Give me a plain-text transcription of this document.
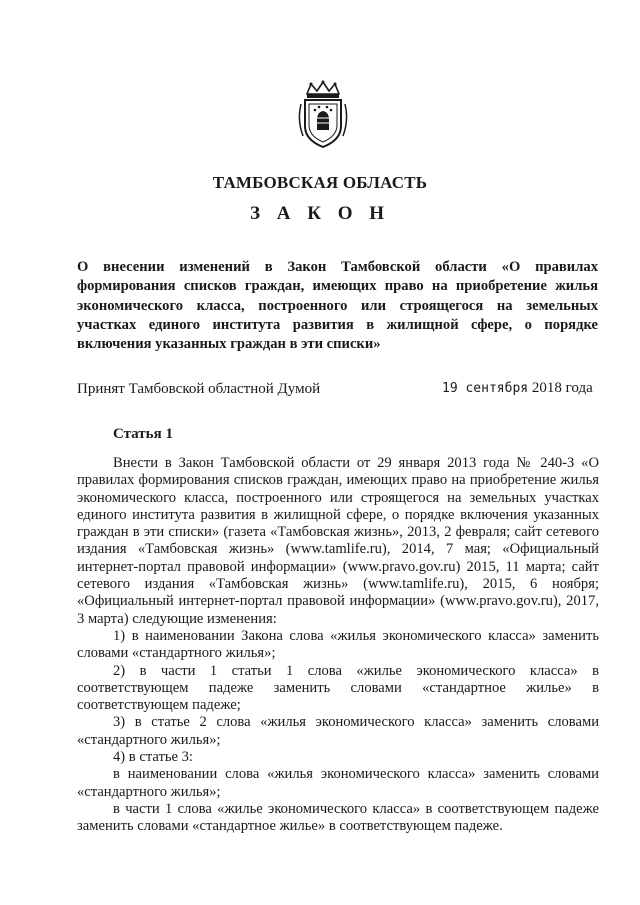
ТАМБОВСКАЯ ОБЛАСТЬ
З А К О Н
О внесении изменений в Закон Тамбовской области «О правилах формирования списков граждан, имеющих право на приобретение жилья экономического класса, построенного или строящегося на земельных участках единого института развития в жилищной сфере, о порядке включения указанных граждан в эти списки»
Принят Тамбовской областной Думой	19 сентября 2018 года
Статья 1

Внести в Закон Тамбовской области от 29 января 2013 года № 240-З «О правилах формирования списков граждан, имеющих право на приобретение жилья экономического класса, построенного или строящегося на земельных участках единого института развития в жилищной сфере, о порядке включения указанных граждан в эти списки» (газета «Тамбовская жизнь», 2013, 2 февраля; сайт сетевого издания «Тамбовская жизнь» (www.tamlife.ru), 2014, 7 мая; «Официальный интернет-портал правовой информации» (www.pravo.gov.ru) 2015, 11 марта; сайт сетевого издания «Тамбовская жизнь» (www.tamlife.ru), 2015, 6 ноября; «Официальный интернет-портал правовой информации» (www.pravo.gov.ru), 2017, 3 марта) следующие изменения:

1) в наименовании Закона слова «жилья экономического класса» заменить словами «стандартного жилья»;

2) в части 1 статьи 1 слова «жилье экономического класса» в соответствующем падеже заменить словами «стандартное жилье» в соответствующем падеже;

3) в статье 2 слова «жилья экономического класса» заменить словами «стандартного жилья»;

4) в статье 3:

в наименовании слова «жилья экономического класса» заменить словами «стандартного жилья»;

в части 1 слова «жилье экономического класса» в соответствующем падеже заменить словами «стандартное жилье» в соответствующем падеже.
